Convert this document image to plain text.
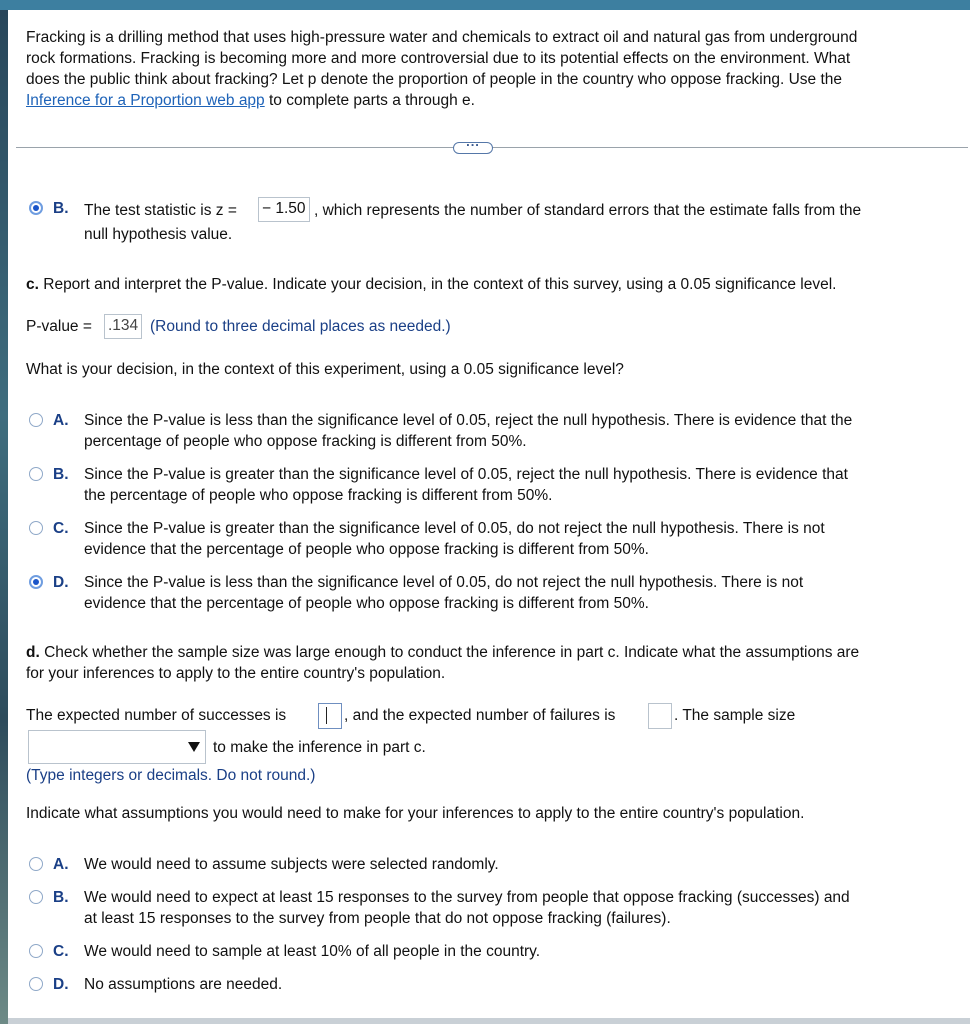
Fracking is a drilling method that uses high-pressure water and chemicals to extract oil and natural gas from underground
rock formations. Fracking is becoming more and more controversial due to its potential effects on the environment. What
does the public think about fracking? Let p denote the proportion of people in the country who oppose fracking. Use the
Inference for a Proportion web app to complete parts a through e.
...
B. The test statistic is z = − 1.50 , which represents the number of standard errors that the estimate falls from the
null hypothesis value.
c. Report and interpret the P-value. Indicate your decision, in the context of this survey, using a 0.05 significance level.
P-value = .134 (Round to three decimal places as needed.)
What is your decision, in the context of this experiment, using a 0.05 significance level?
A. Since the P-value is less than the significance level of 0.05, reject the null hypothesis. There is evidence that the
percentage of people who oppose fracking is different from 50%.
B. Since the P-value is greater than the significance level of 0.05, reject the null hypothesis. There is evidence that
the percentage of people who oppose fracking is different from 50%.
C. Since the P-value is greater than the significance level of 0.05, do not reject the null hypothesis. There is not
evidence that the percentage of people who oppose fracking is different from 50%.
D. Since the P-value is less than the significance level of 0.05, do not reject the null hypothesis. There is not
evidence that the percentage of people who oppose fracking is different from 50%.
d. Check whether the sample size was large enough to conduct the inference in part c. Indicate what the assumptions are
for your inferences to apply to the entire country's population.
The expected number of successes is	, and the expected number of failures is	. The sample size
to make the inference in part c.
(Type integers or decimals. Do not round.)
Indicate what assumptions you would need to make for your inferences to apply to the entire country's population.
A. We would need to assume subjects were selected randomly.
B. We would need to expect at least 15 responses to the survey from people that oppose fracking (successes) and
at least 15 responses to the survey from people that do not oppose fracking (failures).
C. We would need to sample at least 10% of all people in the country.
D. No assumptions are needed.
